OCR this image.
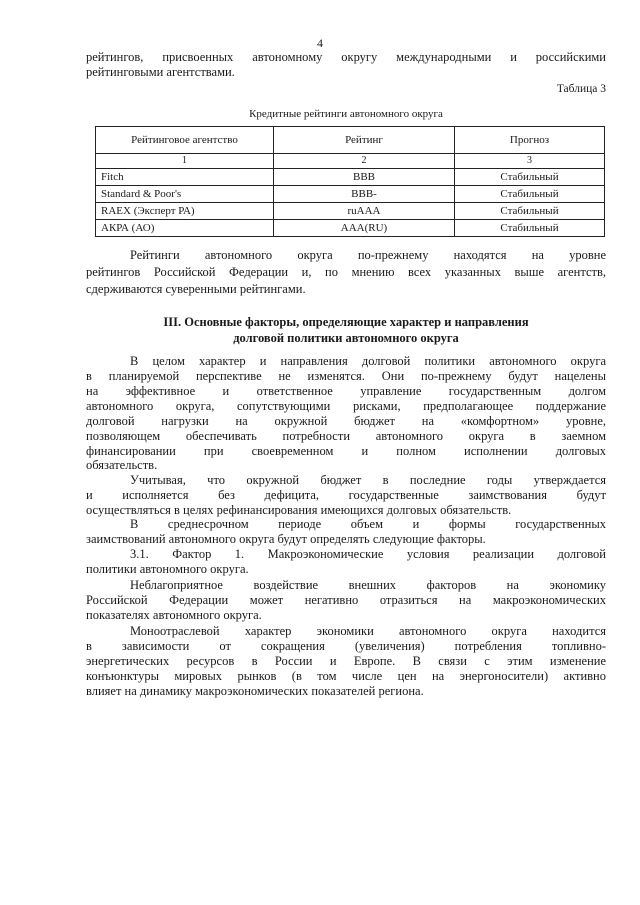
4
рейтингов, присвоенных автономному округу международными и российскими
рейтинговыми агентствами.
Таблица 3
Кредитные рейтинги автономного округа
Рейтинговое агентство	Рейтинг	Прогноз
1	2	3
Fitch	BBB	Стабильный
Standard & Poor's	BBB-	Стабильный
RAEX (Эксперт РА)	ruAAA	Стабильный
АКРА (АО)	AAA(RU)	Стабильный
Рейтинги автономного округа по-прежнему находятся на уровне
рейтингов Российской Федерации и, по мнению всех указанных выше агентств,
сдерживаются суверенными рейтингами.
III. Основные факторы, определяющие характер и направления
долговой политики автономного округа
В целом характер и направления долговой политики автономного округа
в планируемой перспективе не изменятся. Они по-прежнему будут нацелены
на эффективное и ответственное управление государственным долгом
автономного округа, сопутствующими рисками, предполагающее поддержание
долговой нагрузки на окружной бюджет на «комфортном» уровне,
позволяющем обеспечивать потребности автономного округа в заемном
финансировании при своевременном и полном исполнении долговых
обязательств.
Учитывая, что окружной бюджет в последние годы утверждается
и исполняется без дефицита, государственные заимствования будут
осуществляться в целях рефинансирования имеющихся долговых обязательств.
В среднесрочном периоде объем и формы государственных
заимствований автономного округа будут определять следующие факторы.
3.1. Фактор 1. Макроэкономические условия реализации долговой
политики автономного округа.
Неблагоприятное воздействие внешних факторов на экономику
Российской Федерации может негативно отразиться на макроэкономических
показателях автономного округа.
Моноотраслевой характер экономики автономного округа находится
в зависимости от сокращения (увеличения) потребления топливно-
энергетических ресурсов в России и Европе. В связи с этим изменение
конъюнктуры мировых рынков (в том числе цен на энергоносители) активно
влияет на динамику макроэкономических показателей региона.
